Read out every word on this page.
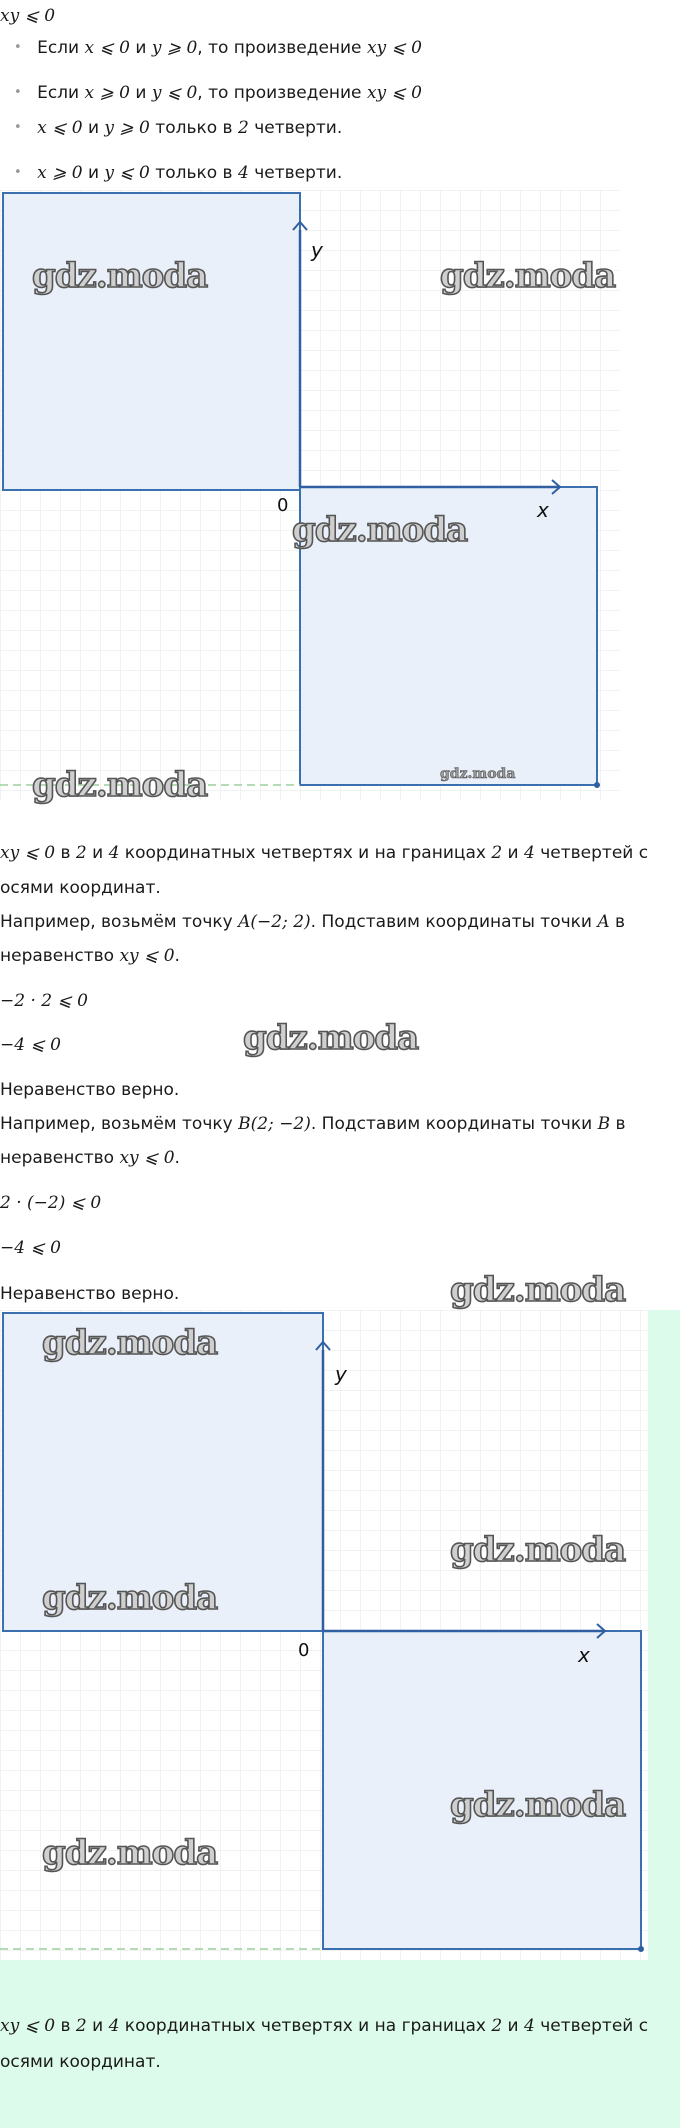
xy ⩽ 0
• Если x ⩽ 0 и y ⩾ 0, то произведение xy ⩽ 0
• Если x ⩾ 0 и y ⩽ 0, то произведение xy ⩽ 0
• x ⩽ 0 и y ⩾ 0 только в 2 четверти.
• x ⩾ 0 и y ⩽ 0 только в 4 четверти.
y
x
0
gdz.moda	gdz.moda
gdz.moda
gdz.moda	gdz.moda
xy ⩽ 0 в 2 и 4 координатных четвертях и на границах 2 и 4 четвертей с
осями координат.
Например, возьмём точку A(−2; 2). Подставим координаты точки A в
неравенство xy ⩽ 0.
−2 · 2 ⩽ 0
−4 ⩽ 0	gdz.moda
Неравенство верно.
Например, возьмём точку B(2; −2). Подставим координаты точки B в
неравенство xy ⩽ 0.
2 · (−2) ⩽ 0
−4 ⩽ 0
Неравенство верно.	gdz.moda
y
x
0
gdz.moda
gdz.moda
gdz.moda
gdz.moda
gdz.moda
xy ⩽ 0 в 2 и 4 координатных четвертях и на границах 2 и 4 четвертей с
осями координат.
